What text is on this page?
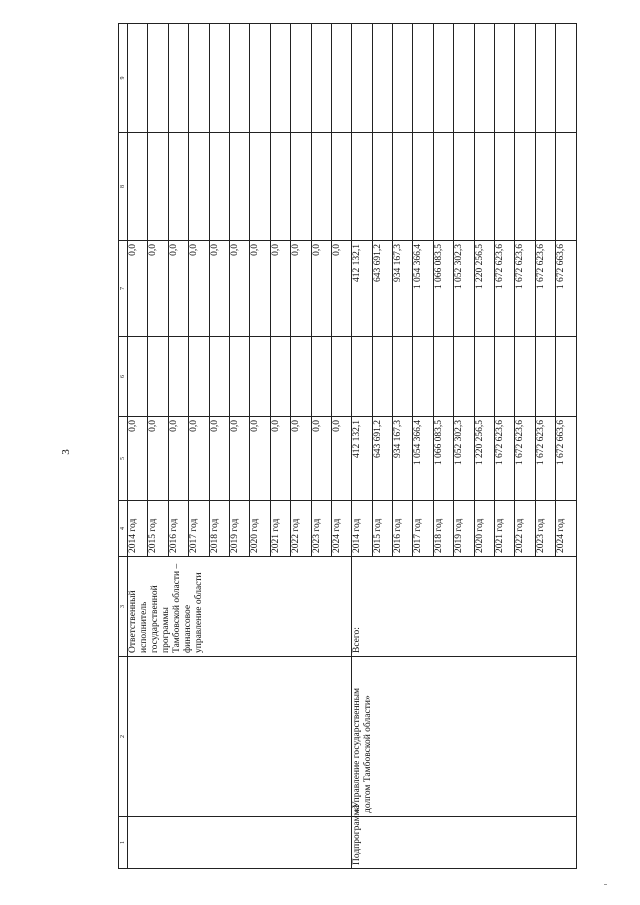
3
1	2	3	4	5	6	7	8	9
		Ответственный исполнитель государственной программы Тамбовской области – финансовое управление области	2014 год	0,0		0,0		
			2015 год	0,0		0,0		
			2016 год	0,0		0,0		
			2017 год	0,0		0,0		
			2018 год	0,0		0,0		
			2019 год	0,0		0,0		
			2020 год	0,0		0,0		
			2021 год	0,0		0,0		
			2022 год	0,0		0,0		
			2023 год	0,0		0,0		
			2024 год	0,0		0,0		
Подпрограмма	«Управление государственным долгом Тамбовской области»	Всего:	2014 год	412 132,1		412 132,1		
			2015 год	643 691,2		643 691,2		
			2016 год	934 167,3		934 167,3		
			2017 год	1 054 366,4		1 054 366,4		
			2018 год	1 066 083,5		1 066 083,5		
			2019 год	1 052 302,3		1 052 302,3		
			2020 год	1 220 256,5		1 220 256,5		
			2021 год	1 672 623,6		1 672 623,6		
			2022 год	1 672 623,6		1 672 623,6		
			2023 год	1 672 623,6		1 672 623,6		
			2024 год	1 672 663,6		1 672 663,6		
